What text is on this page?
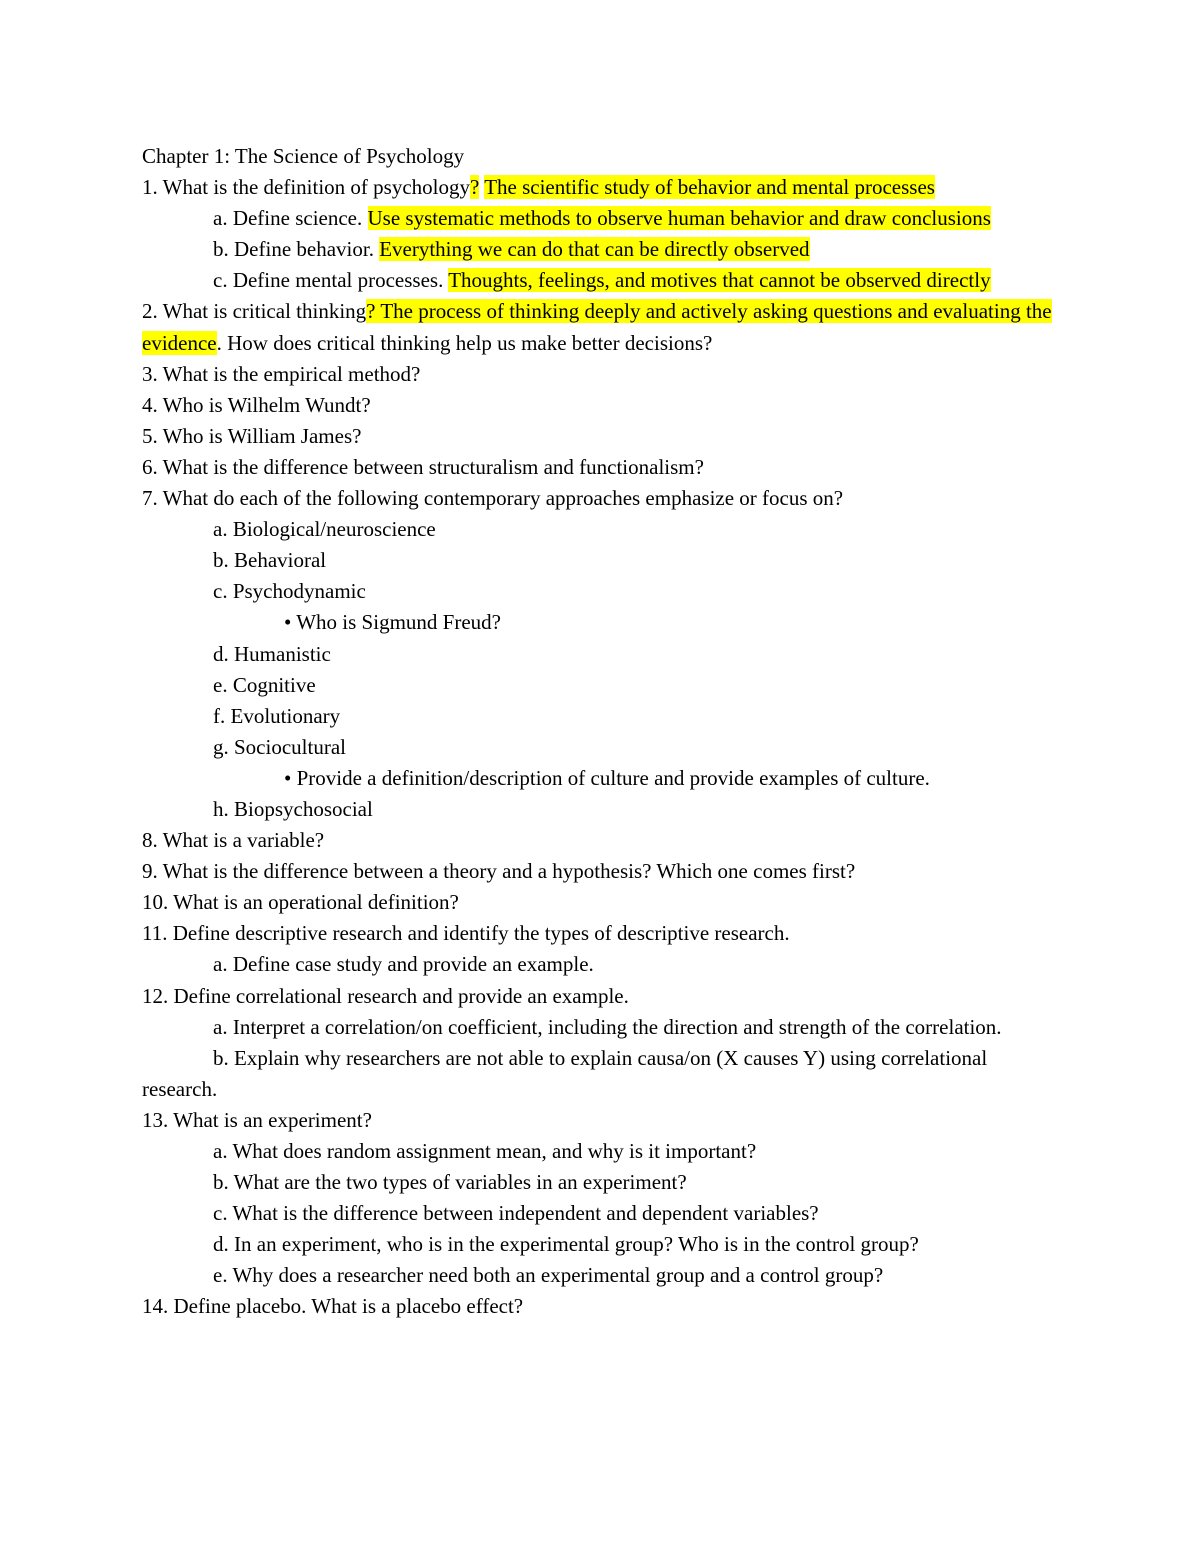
Chapter 1: The Science of Psychology

1. What is the definition of psychology? The scientific study of behavior and mental processes

a. Define science. Use systematic methods to observe human behavior and draw conclusions

b. Define behavior. Everything we can do that can be directly observed

c. Define mental processes. Thoughts, feelings, and motives that cannot be observed directly

2. What is critical thinking? The process of thinking deeply and actively asking questions and evaluating the evidence. How does critical thinking help us make better decisions?

3. What is the empirical method?

4. Who is Wilhelm Wundt?

5. Who is William James?

6. What is the difference between structuralism and functionalism?

7. What do each of the following contemporary approaches emphasize or focus on?

a. Biological/neuroscience

b. Behavioral

c. Psychodynamic

• Who is Sigmund Freud?

d. Humanistic

e. Cognitive

f. Evolutionary

g. Sociocultural

• Provide a definition/description of culture and provide examples of culture.

h. Biopsychosocial

8. What is a variable?

9. What is the difference between a theory and a hypothesis? Which one comes first?

10. What is an operational definition?

11. Define descriptive research and identify the types of descriptive research.

a. Define case study and provide an example.

12. Define correlational research and provide an example.

a. Interpret a correlation/on coefficient, including the direction and strength of the correlation.

b. Explain why researchers are not able to explain causa/on (X causes Y) using correlational research.

13. What is an experiment?

a. What does random assignment mean, and why is it important?

b. What are the two types of variables in an experiment?

c. What is the difference between independent and dependent variables?

d. In an experiment, who is in the experimental group? Who is in the control group?

e. Why does a researcher need both an experimental group and a control group?

14. Define placebo. What is a placebo effect?
